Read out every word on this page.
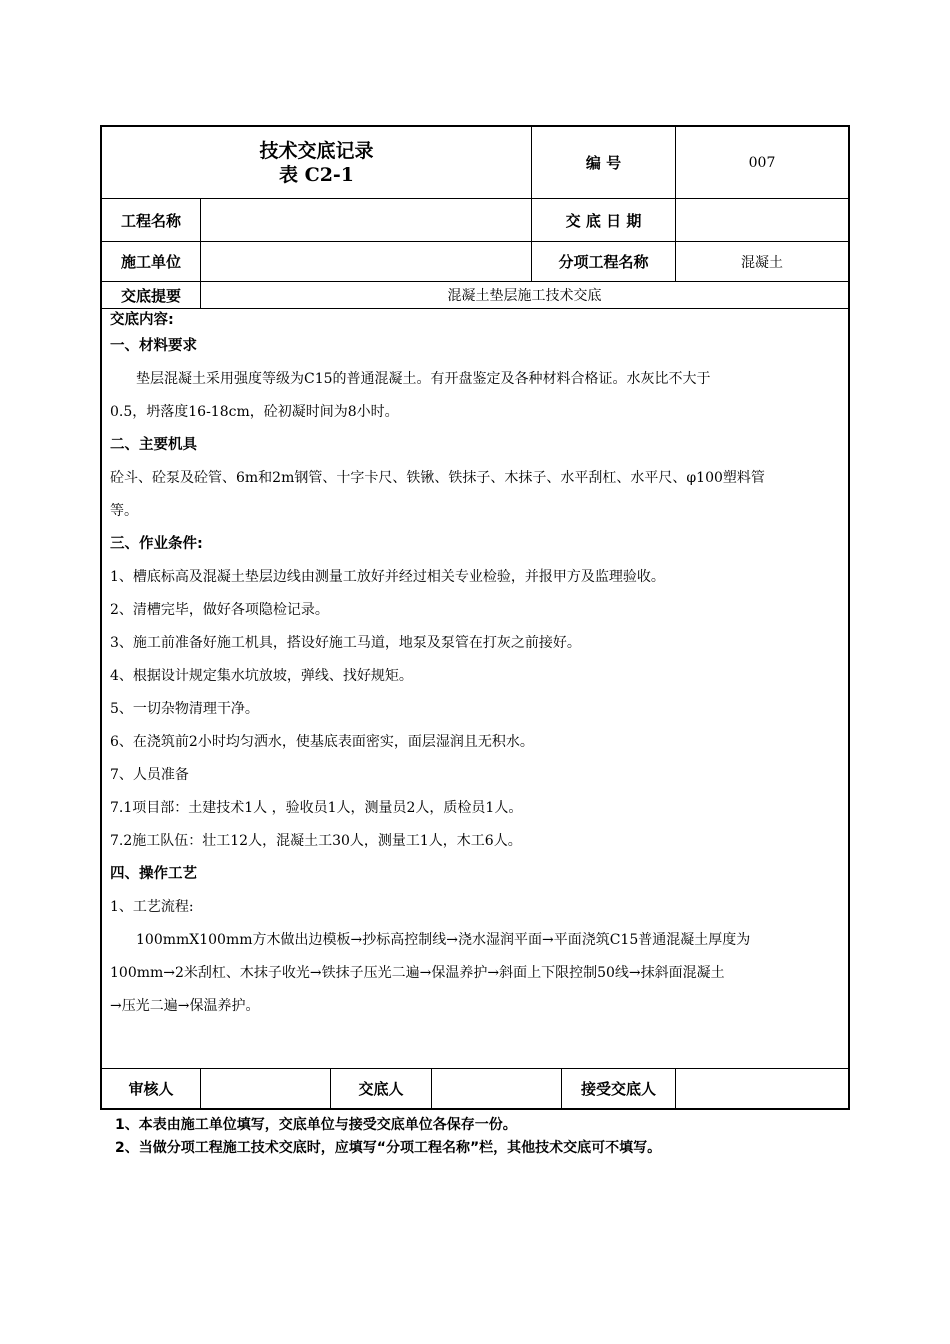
技术交底记录
表 C2-1
编 号	007
工程名称	交 底 日 期
施工单位	分项工程名称	混凝土
交底提要	混凝土垫层施工技术交底
交底内容:
一、材料要求
垫层混凝土采用强度等级为C15的普通混凝土。有开盘鉴定及各种材料合格证。水灰比不大于
0.5，坍落度16-18cm，砼初凝时间为8小时。
二、主要机具
砼斗、砼泵及砼管、6m和2m钢管、十字卡尺、铁锹、铁抹子、木抹子、水平刮杠、水平尺、φ100塑料管
等。
三、作业条件:
1、槽底标高及混凝土垫层边线由测量工放好并经过相关专业检验，并报甲方及监理验收。
2、清槽完毕，做好各项隐检记录。
3、施工前准备好施工机具，搭设好施工马道，地泵及泵管在打灰之前接好。
4、根据设计规定集水坑放坡，弹线、找好规矩。
5、一切杂物清理干净。
6、在浇筑前2小时均匀洒水，使基底表面密实，面层湿润且无积水。
7、人员准备
7.1项目部：土建技术1人 ，验收员1人，测量员2人，质检员1人。
7.2施工队伍：壮工12人，混凝土工30人，测量工1人，木工6人。
四、操作工艺
1、工艺流程:
100mmX100mm方木做出边模板→抄标高控制线→浇水湿润平面→平面浇筑C15普通混凝土厚度为
100mm→2米刮杠、木抹子收光→铁抹子压光二遍→保温养护→斜面上下限控制50线→抹斜面混凝土
→压光二遍→保温养护。
审核人	交底人	接受交底人
1、本表由施工单位填写，交底单位与接受交底单位各保存一份。
2、当做分项工程施工技术交底时，应填写“分项工程名称”栏，其他技术交底可不填写。
